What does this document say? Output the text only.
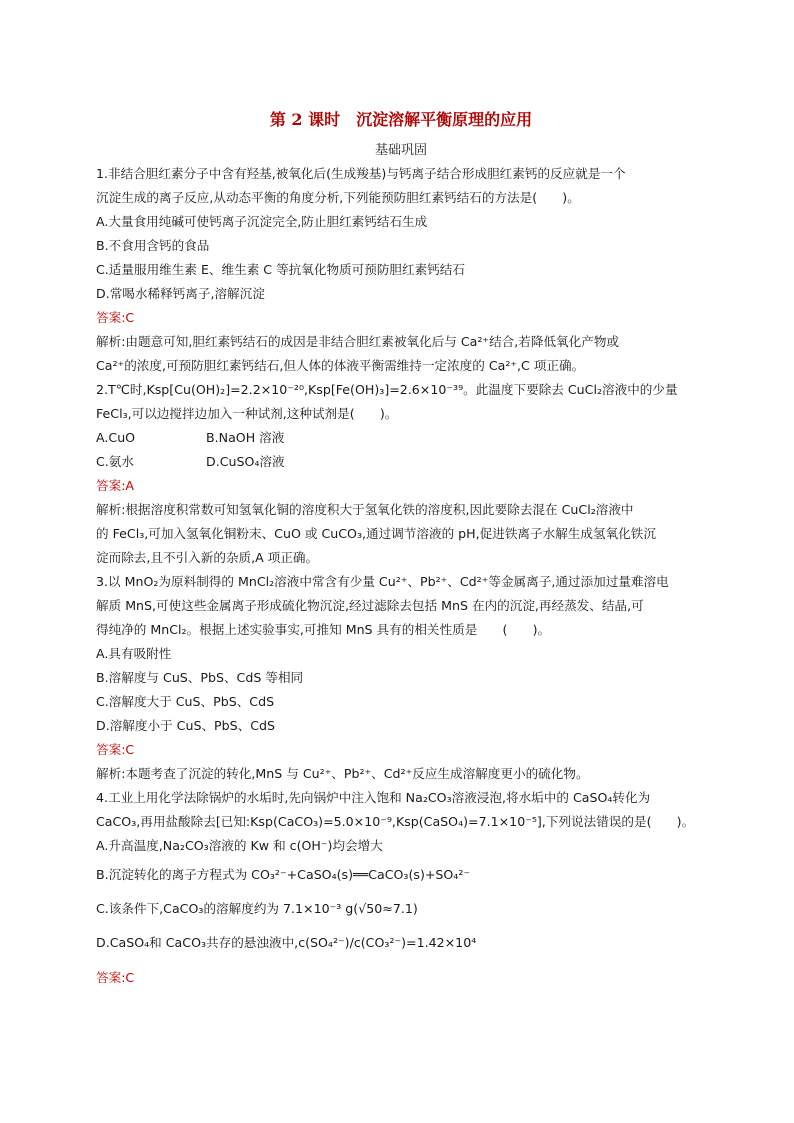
第 2 课时　沉淀溶解平衡原理的应用
基础巩固

1.非结合胆红素分子中含有羟基,被氧化后(生成羧基)与钙离子结合形成胆红素钙的反应就是一个

沉淀生成的离子反应,从动态平衡的角度分析,下列能预防胆红素钙结石的方法是(　　)。

A.大量食用纯碱可使钙离子沉淀完全,防止胆红素钙结石生成

B.不食用含钙的食品

C.适量服用维生素 E、维生素 C 等抗氧化物质可预防胆红素钙结石

D.常喝水稀释钙离子,溶解沉淀

答案:C

解析:由题意可知,胆红素钙结石的成因是非结合胆红素被氧化后与 Ca²⁺结合,若降低氧化产物或

Ca²⁺的浓度,可预防胆红素钙结石,但人体的体液平衡需维持一定浓度的 Ca²⁺,C 项正确。

2.T℃时,Ksp[Cu(OH)₂]=2.2×10⁻²⁰,Ksp[Fe(OH)₃]=2.6×10⁻³⁹。此温度下要除去 CuCl₂溶液中的少量

FeCl₃,可以边搅拌边加入一种试剂,这种试剂是(　　)。

A.CuO	B.NaOH 溶液

C.氨水	D.CuSO₄溶液

答案:A

解析:根据溶度积常数可知氢氧化铜的溶度积大于氢氧化铁的溶度积,因此要除去混在 CuCl₂溶液中

的 FeCl₃,可加入氢氧化铜粉末、CuO 或 CuCO₃,通过调节溶液的 pH,促进铁离子水解生成氢氧化铁沉

淀而除去,且不引入新的杂质,A 项正确。

3.以 MnO₂为原料制得的 MnCl₂溶液中常含有少量 Cu²⁺、Pb²⁺、Cd²⁺等金属离子,通过添加过量难溶电

解质 MnS,可使这些金属离子形成硫化物沉淀,经过滤除去包括 MnS 在内的沉淀,再经蒸发、结晶,可

得纯净的 MnCl₂。根据上述实验事实,可推知 MnS 具有的相关性质是　　(　　)。

A.具有吸附性

B.溶解度与 CuS、PbS、CdS 等相同

C.溶解度大于 CuS、PbS、CdS

D.溶解度小于 CuS、PbS、CdS

答案:C

解析:本题考查了沉淀的转化,MnS 与 Cu²⁺、Pb²⁺、Cd²⁺反应生成溶解度更小的硫化物。

4.工业上用化学法除锅炉的水垢时,先向锅炉中注入饱和 Na₂CO₃溶液浸泡,将水垢中的 CaSO₄转化为

CaCO₃,再用盐酸除去[已知:Ksp(CaCO₃)=5.0×10⁻⁹,Ksp(CaSO₄)=7.1×10⁻⁵],下列说法错误的是(　　)。

A.升高温度,Na₂CO₃溶液的 Kw 和 c(OH⁻)均会增大

B.沉淀转化的离子方程式为 CO₃²⁻+CaSO₄(s)══CaCO₃(s)+SO₄²⁻

C.该条件下,CaCO₃的溶解度约为 7.1×10⁻³ g(√50≈7.1)

D.CaSO₄和 CaCO₃共存的悬浊液中,c(SO₄²⁻)/c(CO₃²⁻)=1.42×10⁴

答案:C
